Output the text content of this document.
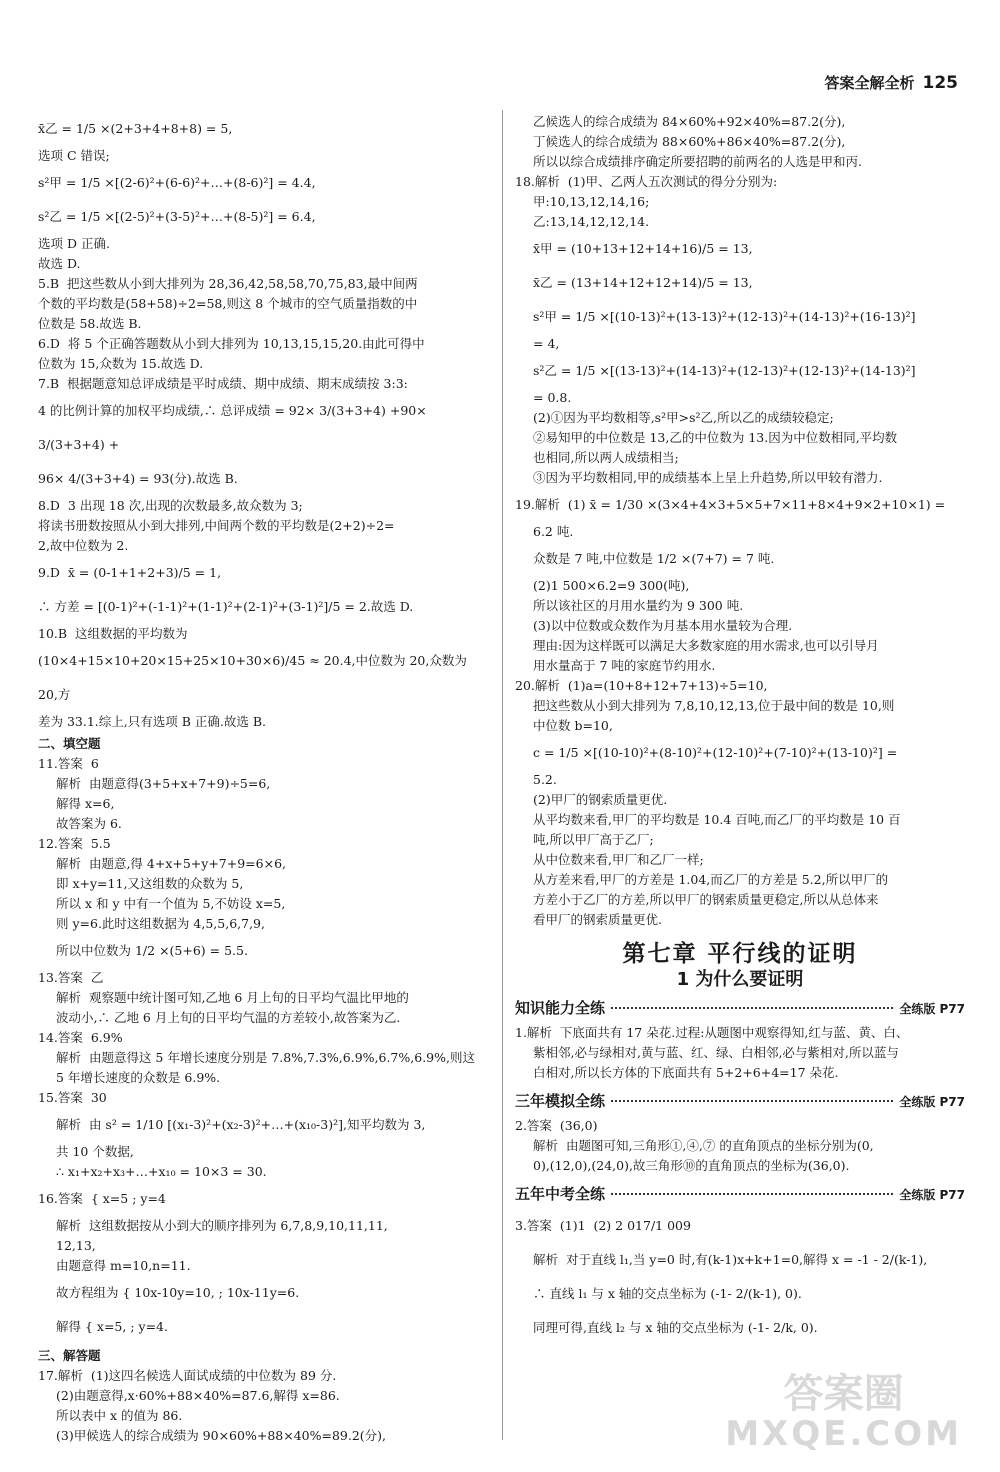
答案全解全析 125
x̄乙 = 1/5 ×(2+3+4+8+8) = 5,
选项 C 错误;
s²甲 = 1/5 ×[(2-6)²+(6-6)²+…+(8-6)²] = 4.4,
s²乙 = 1/5 ×[(2-5)²+(3-5)²+…+(8-5)²] = 6.4,
选项 D 正确.
故选 D.
5.B  把这些数从小到大排列为 28,36,42,58,58,70,75,83,最中间两
个数的平均数是(58+58)÷2=58,则这 8 个城市的空气质量指数的中
位数是 58.故选 B.
6.D  将 5 个正确答题数从小到大排列为 10,13,15,15,20.由此可得中
位数为 15,众数为 15.故选 D.
7.B  根据题意知总评成绩是平时成绩、期中成绩、期末成绩按 3:3:
4 的比例计算的加权平均成绩,∴ 总评成绩 = 92× 3/(3+3+4) +90× 3/(3+3+4) +
96× 4/(3+3+4) = 93(分).故选 B.
8.D  3 出现 18 次,出现的次数最多,故众数为 3;
将读书册数按照从小到大排列,中间两个数的平均数是(2+2)÷2=
2,故中位数为 2.
9.D  x̄ = (0-1+1+2+3)/5 = 1,
∴ 方差 = [(0-1)²+(-1-1)²+(1-1)²+(2-1)²+(3-1)²]/5 = 2.故选 D.
10.B  这组数据的平均数为
(10×4+15×10+20×15+25×10+30×6)/45 ≈ 20.4,中位数为 20,众数为 20,方
差为 33.1.综上,只有选项 B 正确.故选 B.
二、填空题
11.答案  6
解析  由题意得(3+5+x+7+9)÷5=6,
解得 x=6,
故答案为 6.
12.答案  5.5
解析  由题意,得 4+x+5+y+7+9=6×6,
即 x+y=11,又这组数的众数为 5,
所以 x 和 y 中有一个值为 5,不妨设 x=5,
则 y=6.此时这组数据为 4,5,5,6,7,9,
所以中位数为 1/2 ×(5+6) = 5.5.
13.答案  乙
解析  观察题中统计图可知,乙地 6 月上旬的日平均气温比甲地的
波动小,∴ 乙地 6 月上旬的日平均气温的方差较小,故答案为乙.
14.答案  6.9%
解析  由题意得这 5 年增长速度分别是 7.8%,7.3%,6.9%,6.7%,6.9%,则这
5 年增长速度的众数是 6.9%.
15.答案  30
解析  由 s² = 1/10 [(x₁-3)²+(x₂-3)²+…+(x₁₀-3)²],知平均数为 3,
共 10 个数据,
∴ x₁+x₂+x₃+…+x₁₀ = 10×3 = 30.
16.答案  { x=5 ; y=4
解析  这组数据按从小到大的顺序排列为 6,7,8,9,10,11,11,
12,13,
由题意得 m=10,n=11.
故方程组为 { 10x-10y=10, ; 10x-11y=6.
解得 { x=5, ; y=4.
三、解答题
17.解析  (1)这四名候选人面试成绩的中位数为 89 分.
(2)由题意得,x·60%+88×40%=87.6,解得 x=86.
所以表中 x 的值为 86.
(3)甲候选人的综合成绩为 90×60%+88×40%=89.2(分),
乙候选人的综合成绩为 84×60%+92×40%=87.2(分),
丁候选人的综合成绩为 88×60%+86×40%=87.2(分),
所以以综合成绩排序确定所要招聘的前两名的人选是甲和丙.
18.解析  (1)甲、乙两人五次测试的得分分别为:
甲:10,13,12,14,16;
乙:13,14,12,12,14.
x̄甲 = (10+13+12+14+16)/5 = 13,
x̄乙 = (13+14+12+12+14)/5 = 13,
s²甲 = 1/5 ×[(10-13)²+(13-13)²+(12-13)²+(14-13)²+(16-13)²]
= 4,
s²乙 = 1/5 ×[(13-13)²+(14-13)²+(12-13)²+(12-13)²+(14-13)²]
= 0.8.
(2)①因为平均数相等,s²甲>s²乙,所以乙的成绩较稳定;
②易知甲的中位数是 13,乙的中位数为 13.因为中位数相同,平均数
也相同,所以两人成绩相当;
③因为平均数相同,甲的成绩基本上呈上升趋势,所以甲较有潜力.
19.解析  (1) x̄ = 1/30 ×(3×4+4×3+5×5+7×11+8×4+9×2+10×1) =
6.2 吨.
众数是 7 吨,中位数是 1/2 ×(7+7) = 7 吨.
(2)1 500×6.2=9 300(吨),
所以该社区的月用水量约为 9 300 吨.
(3)以中位数或众数作为月基本用水量较为合理.
理由:因为这样既可以满足大多数家庭的用水需求,也可以引导月
用水量高于 7 吨的家庭节约用水.
20.解析  (1)a=(10+8+12+7+13)÷5=10,
把这些数从小到大排列为 7,8,10,12,13,位于最中间的数是 10,则
中位数 b=10,
c = 1/5 ×[(10-10)²+(8-10)²+(12-10)²+(7-10)²+(13-10)²] =
5.2.
(2)甲厂的钢索质量更优.
从平均数来看,甲厂的平均数是 10.4 百吨,而乙厂的平均数是 10 百
吨,所以甲厂高于乙厂;
从中位数来看,甲厂和乙厂一样;
从方差来看,甲厂的方差是 1.04,而乙厂的方差是 5.2,所以甲厂的
方差小于乙厂的方差,所以甲厂的钢索质量更稳定,所以从总体来
看甲厂的钢索质量更优.
第七章 平行线的证明
1 为什么要证明
知识能力全练	全练版 P77
1.解析  下底面共有 17 朵花.过程:从题图中观察得知,红与蓝、黄、白、
紫相邻,必与绿相对,黄与蓝、红、绿、白相邻,必与紫相对,所以蓝与
白相对,所以长方体的下底面共有 5+2+6+4=17 朵花.
三年模拟全练	全练版 P77
2.答案  (36,0)
解析  由题图可知,三角形①,④,⑦ 的直角顶点的坐标分别为(0,
0),(12,0),(24,0),故三角形⑩的直角顶点的坐标为(36,0).
五年中考全练	全练版 P77
3.答案  (1)1  (2) 2 017/1 009
解析  对于直线 l₁,当 y=0 时,有(k-1)x+k+1=0,解得 x = -1 - 2/(k-1),
∴ 直线 l₁ 与 x 轴的交点坐标为 (-1- 2/(k-1), 0).
同理可得,直线 l₂ 与 x 轴的交点坐标为 (-1- 2/k, 0).
答案圈
MXQE.COM
